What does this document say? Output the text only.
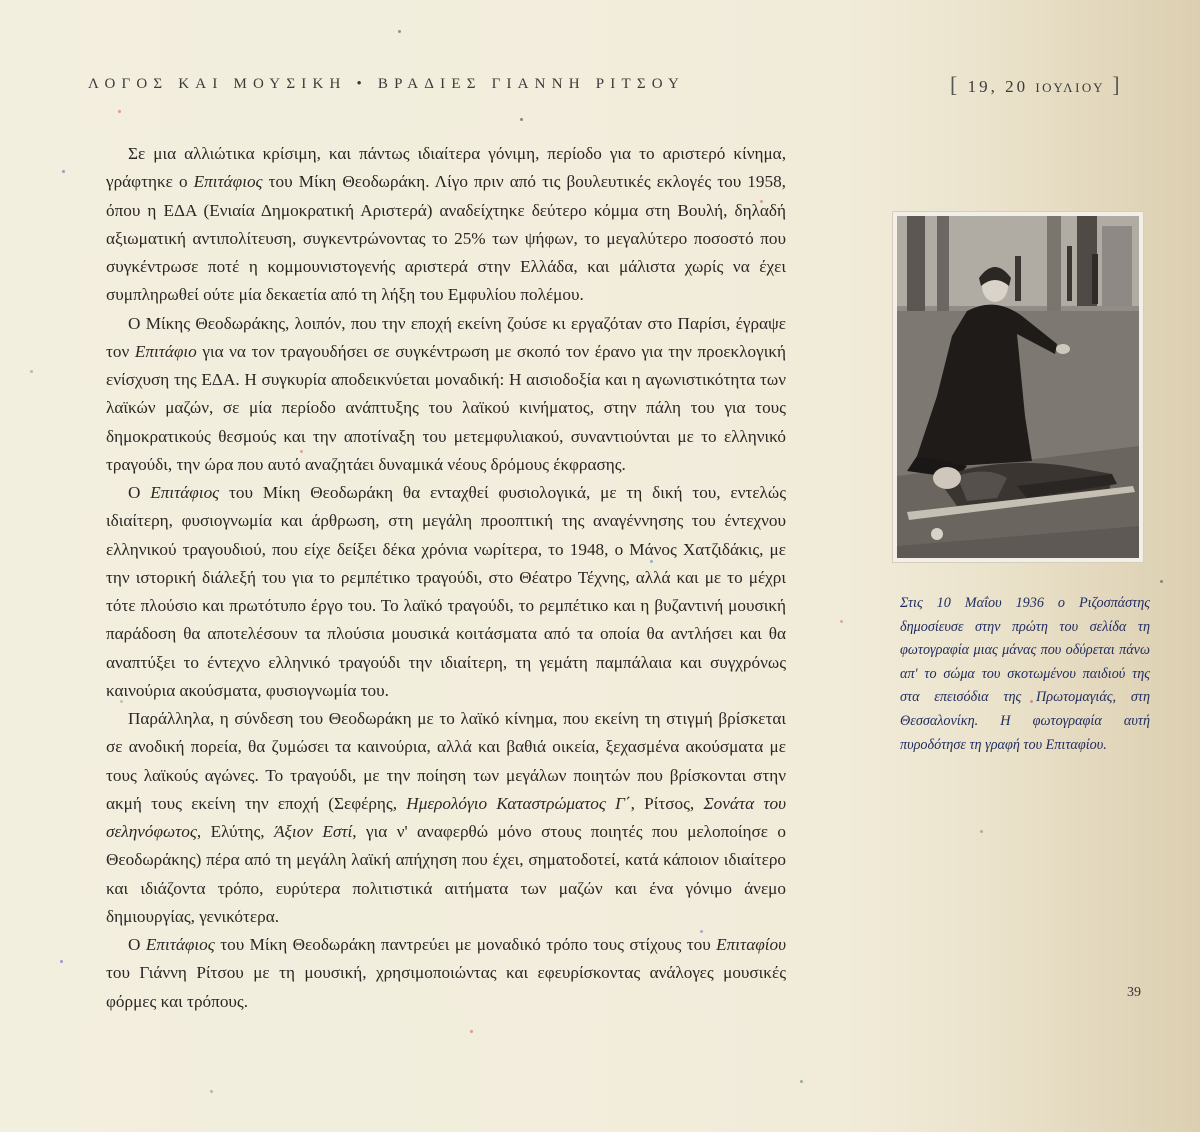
ΛΟΓΟΣ ΚΑΙ ΜΟΥΣΙΚΗ • ΒΡΑΔΙΕΣ ΓΙΑΝΝΗ ΡΙΤΣΟΥ	[ 19, 20 ΙΟΥΛΙΟΥ ]

Σε μια αλλιώτικα κρίσιμη, και πάντως ιδιαίτερα γόνιμη, περίοδο για το αριστερό κίνημα, γράφτηκε ο Επιτάφιος του Μίκη Θεοδωράκη. Λίγο πριν από τις βουλευτικές εκλογές του 1958, όπου η ΕΔΑ (Ενιαία Δημοκρατική Αριστερά) αναδείχτηκε δεύτερο κόμμα στη Βουλή, δηλαδή αξιωματική αντιπολίτευση, συγκεντρώνοντας το 25% των ψήφων, το μεγαλύτερο ποσοστό που συγκέντρωσε ποτέ η κομμουνιστογενής αριστερά στην Ελλάδα, και μάλιστα χωρίς να έχει συμπληρωθεί ούτε μία δεκαετία από τη λήξη του Εμφυλίου πολέμου.

Ο Μίκης Θεοδωράκης, λοιπόν, που την εποχή εκείνη ζούσε κι εργαζόταν στο Παρίσι, έγραψε τον Επιτάφιο για να τον τραγουδήσει σε συγκέντρωση με σκοπό τον έρανο για την προεκλογική ενίσχυση της ΕΔΑ. Η συγκυρία αποδεικνύεται μοναδική: Η αισιοδοξία και η αγωνιστικότητα των λαϊκών μαζών, σε μία περίοδο ανάπτυξης του λαϊκού κινήματος, στην πάλη του για τους δημοκρατικούς θεσμούς και την αποτίναξη του μετεμφυλιακού, συναντιούνται με το ελληνικό τραγούδι, την ώρα που αυτό αναζητάει δυναμικά νέους δρόμους έκφρασης.

Ο Επιτάφιος του Μίκη Θεοδωράκη θα ενταχθεί φυσιολογικά, με τη δική του, εντελώς ιδιαίτερη, φυσιογνωμία και άρθρωση, στη μεγάλη προοπτική της αναγέννησης του έντεχνου ελληνικού τραγουδιού, που είχε δείξει δέκα χρόνια νωρίτερα, το 1948, ο Μάνος Χατζιδάκις, με την ιστορική διάλεξή του για το ρεμπέτικο τραγούδι, στο Θέατρο Τέχνης, αλλά και με το μέχρι τότε πλούσιο και πρωτότυπο έργο του. Το λαϊκό τραγούδι, το ρεμπέτικο και η βυζαντινή μουσική παράδοση θα αποτελέσουν τα πλούσια μουσικά κοιτάσματα από τα οποία θα αντλήσει και θα αναπτύξει το έντεχνο ελληνικό τραγούδι την ιδιαίτερη, τη γεμάτη παμπάλαια και συγχρόνως καινούρια ακούσματα, φυσιογνωμία του.

Παράλληλα, η σύνδεση του Θεοδωράκη με το λαϊκό κίνημα, που εκείνη τη στιγμή βρίσκεται σε ανοδική πορεία, θα ζυμώσει τα καινούρια, αλλά και βαθιά οικεία, ξεχασμένα ακούσματα με τους λαϊκούς αγώνες. Το τραγούδι, με την ποίηση των μεγάλων ποιητών που βρίσκονται στην ακμή τους εκείνη την εποχή (Σεφέρης, Ημερολόγιο Καταστρώματος Γ΄, Ρίτσος, Σονάτα του σεληνόφωτος, Ελύτης, Άξιον Εστί, για ν' αναφερθώ μόνο στους ποιητές που μελοποίησε ο Θεοδωράκης) πέρα από τη μεγάλη λαϊκή απήχηση που έχει, σηματοδοτεί, κατά κάποιον ιδιαίτερο και ιδιάζοντα τρόπο, ευρύτερα πολιτιστικά αιτήματα των μαζών και ένα γόνιμο άνεμο δημιουργίας, γενικότερα.

Ο Επιτάφιος του Μίκη Θεοδωράκη παντρεύει με μοναδικό τρόπο τους στίχους του Επιταφίου του Γιάννη Ρίτσου με τη μουσική, χρησιμοποιώντας και εφευρίσκοντας ανάλογες μουσικές φόρμες και τρόπους.

Στις 10 Μαΐου 1936 ο Ριζοσπάστης δημοσίευσε στην πρώτη του σελίδα τη φωτογραφία μιας μάνας που οδύρεται πάνω απ' το σώμα του σκοτωμένου παιδιού της στα επεισόδια της Πρωτομαγιάς, στη Θεσσαλονίκη. Η φωτογραφία αυτή πυροδότησε τη γραφή του Επιταφίου.
39
